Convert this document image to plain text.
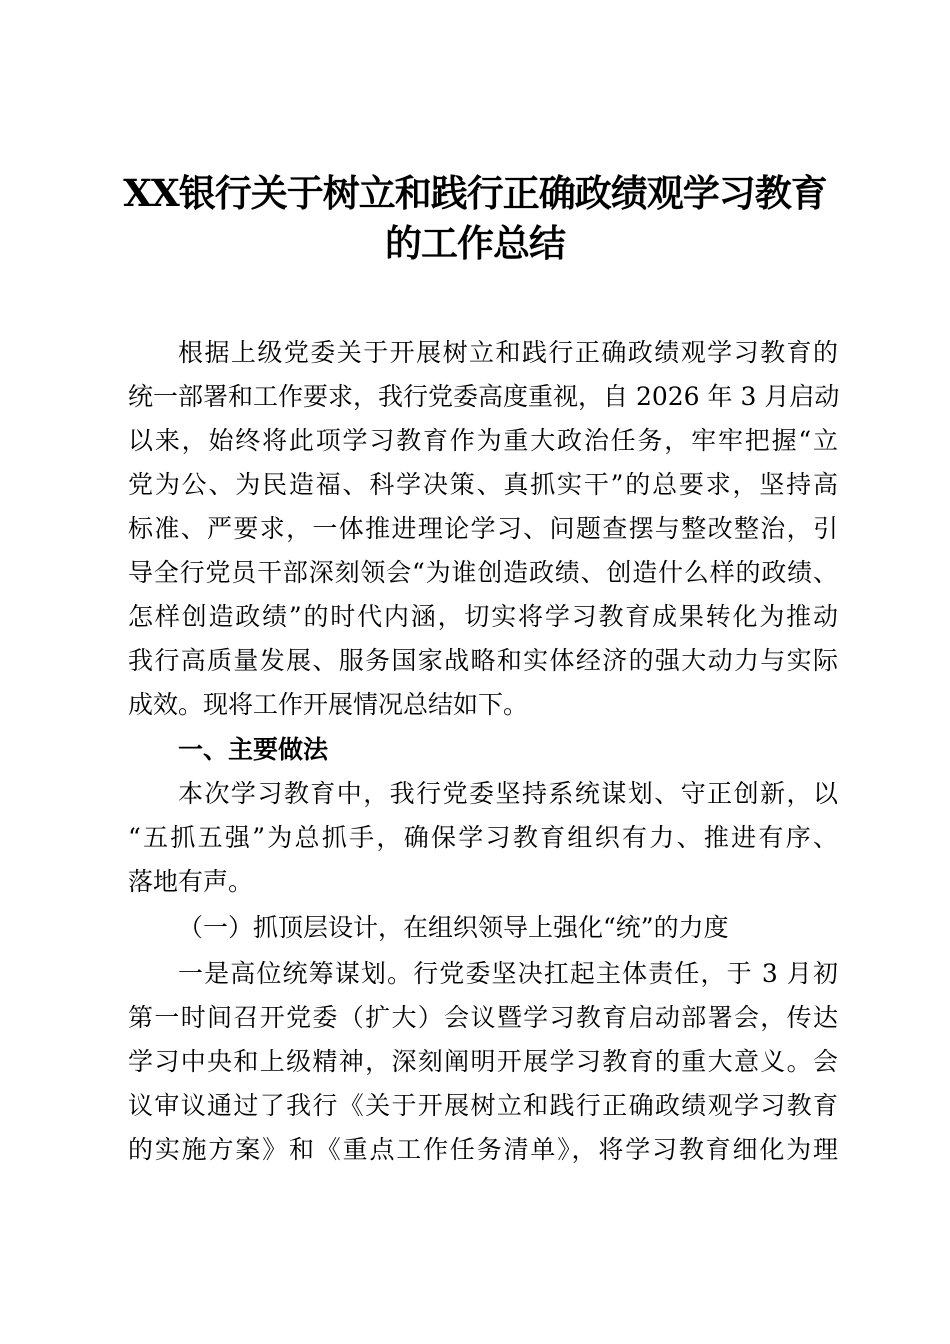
XX银行关于树立和践行正确政绩观学习教育
的工作总结
根据上级党委关于开展树立和践行正确政绩观学习教育的
统一部署和工作要求，我行党委高度重视，自 2026 年 3 月启动
以来，始终将此项学习教育作为重大政治任务，牢牢把握“立
党为公、为民造福、科学决策、真抓实干”的总要求，坚持高
标准、严要求，一体推进理论学习、问题查摆与整改整治，引
导全行党员干部深刻领会“为谁创造政绩、创造什么样的政绩、
怎样创造政绩”的时代内涵，切实将学习教育成果转化为推动
我行高质量发展、服务国家战略和实体经济的强大动力与实际
成效。现将工作开展情况总结如下。
一、主要做法
本次学习教育中，我行党委坚持系统谋划、守正创新，以
“五抓五强”为总抓手，确保学习教育组织有力、推进有序、
落地有声。
（一）抓顶层设计，在组织领导上强化“统”的力度
一是高位统筹谋划。行党委坚决扛起主体责任，于 3 月初
第一时间召开党委（扩大）会议暨学习教育启动部署会，传达
学习中央和上级精神，深刻阐明开展学习教育的重大意义。会
议审议通过了我行《关于开展树立和践行正确政绩观学习教育
的实施方案》和《重点工作任务清单》，将学习教育细化为理
